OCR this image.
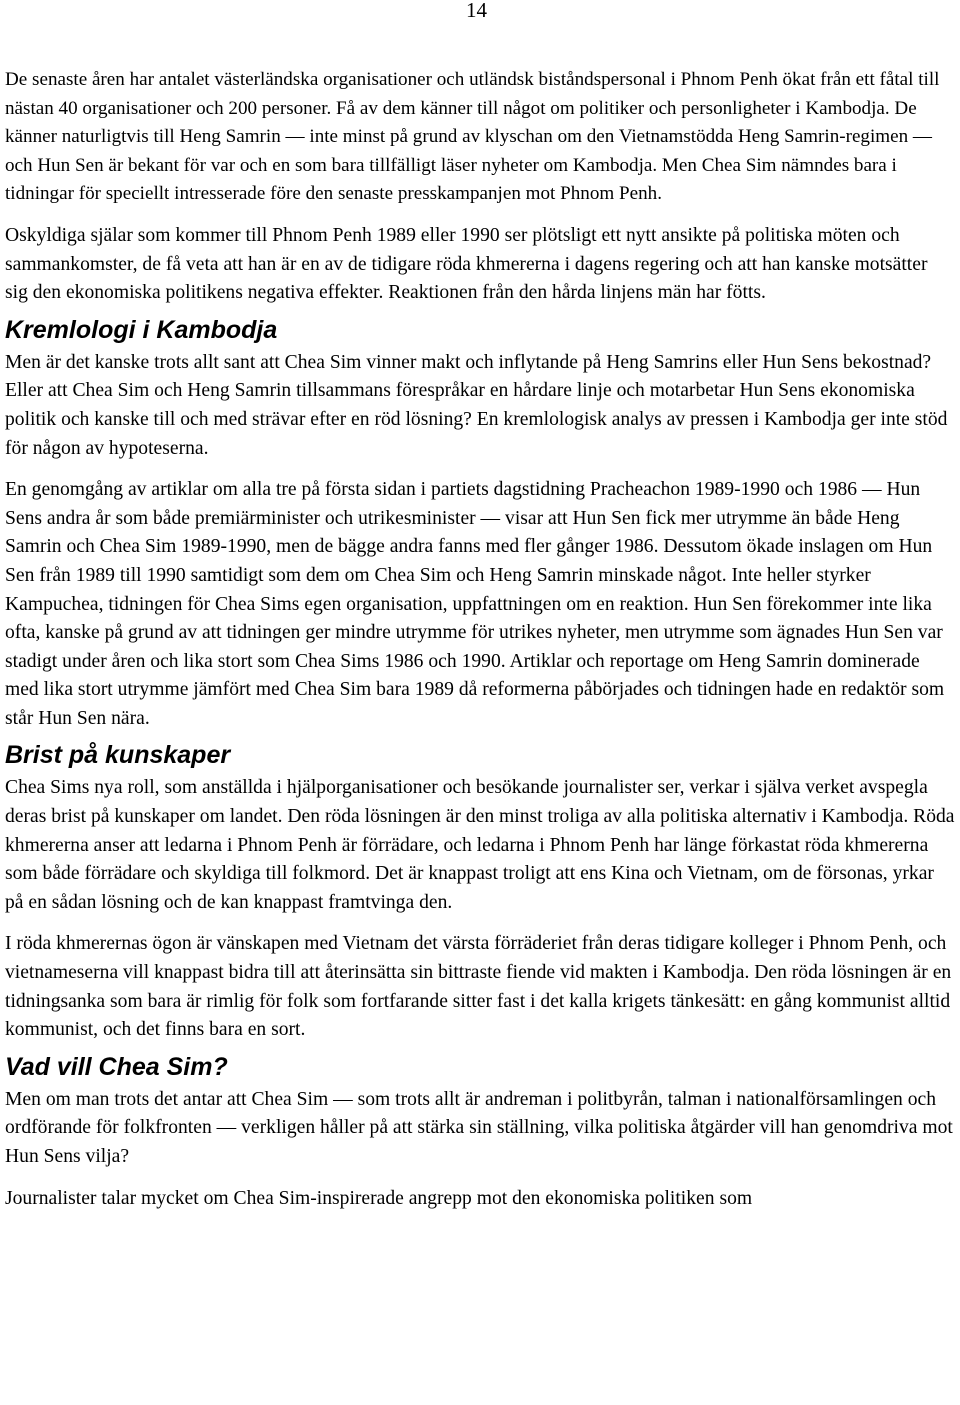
14

De senaste åren har antalet västerländska organisationer och utländsk biståndspersonal i Phnom Penh ökat från ett fåtal till nästan 40 organisationer och 200 personer. Få av dem känner till något om politiker och personligheter i Kambodja. De känner naturligtvis till Heng Samrin — inte minst på grund av klyschan om den Vietnamstödda Heng Samrin-regimen — och Hun Sen är bekant för var och en som bara tillfälligt läser nyheter om Kambodja. Men Chea Sim nämndes bara i tidningar för speciellt intresserade före den senaste presskampanjen mot Phnom Penh.

Oskyldiga själar som kommer till Phnom Penh 1989 eller 1990 ser plötsligt ett nytt ansikte på politiska möten och sammankomster, de få veta att han är en av de tidigare röda khmererna i dagens regering och att han kanske motsätter sig den ekonomiska politikens negativa effekter. Reaktionen från den hårda linjens män har fötts.

Kremlologi i Kambodja

Men är det kanske trots allt sant att Chea Sim vinner makt och inflytande på Heng Samrins eller Hun Sens bekostnad? Eller att Chea Sim och Heng Samrin tillsammans förespråkar en hårdare linje och motarbetar Hun Sens ekonomiska politik och kanske till och med strävar efter en röd lösning? En kremlologisk analys av pressen i Kambodja ger inte stöd för någon av hypoteserna.

En genomgång av artiklar om alla tre på första sidan i partiets dagstidning Pracheachon 1989-1990 och 1986 — Hun Sens andra år som både premiärminister och utrikesminister — visar att Hun Sen fick mer utrymme än både Heng Samrin och Chea Sim 1989-1990, men de bägge andra fanns med fler gånger 1986. Dessutom ökade inslagen om Hun Sen från 1989 till 1990 samtidigt som dem om Chea Sim och Heng Samrin minskade något. Inte heller styrker Kampuchea, tidningen för Chea Sims egen organisation, uppfattningen om en reaktion. Hun Sen förekommer inte lika ofta, kanske på grund av att tidningen ger mindre utrymme för utrikes nyheter, men utrymme som ägnades Hun Sen var stadigt under åren och lika stort som Chea Sims 1986 och 1990. Artiklar och reportage om Heng Samrin dominerade med lika stort utrymme jämfört med Chea Sim bara 1989 då reformerna påbörjades och tidningen hade en redaktör som står Hun Sen nära.

Brist på kunskaper

Chea Sims nya roll, som anställda i hjälporganisationer och besökande journalister ser, verkar i själva verket avspegla deras brist på kunskaper om landet. Den röda lösningen är den minst troliga av alla politiska alternativ i Kambodja. Röda khmererna anser att ledarna i Phnom Penh är förrädare, och ledarna i Phnom Penh har länge förkastat röda khmererna som både förrädare och skyldiga till folkmord. Det är knappast troligt att ens Kina och Vietnam, om de försonas, yrkar på en sådan lösning och de kan knappast framtvinga den.

I röda khmerernas ögon är vänskapen med Vietnam det värsta förräderiet från deras tidigare kolleger i Phnom Penh, och vietnameserna vill knappast bidra till att återinsätta sin bittraste fiende vid makten i Kambodja. Den röda lösningen är en tidningsanka som bara är rimlig för folk som fortfarande sitter fast i det kalla krigets tänkesätt: en gång kommunist alltid kommunist, och det finns bara en sort.

Vad vill Chea Sim?

Men om man trots det antar att Chea Sim — som trots allt är andreman i politbyrån, talman i nationalförsamlingen och ordförande för folkfronten — verkligen håller på att stärka sin ställning, vilka politiska åtgärder vill han genomdriva mot Hun Sens vilja?

Journalister talar mycket om Chea Sim-inspirerade angrepp mot den ekonomiska politiken som
